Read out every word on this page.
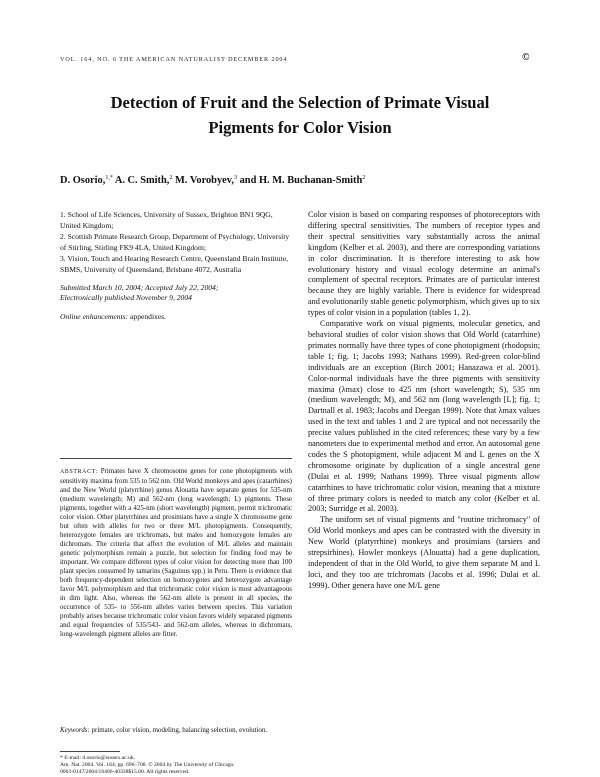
VOL. 164, NO. 6 THE AMERICAN NATURALIST DECEMBER 2004	©
Detection of Fruit and the Selection of Primate Visual
Pigments for Color Vision
D. Osorio,$^{1,*}$ A. C. Smith,$^2$ M. Vorobyev,$^3$ and H. M. Buchanan-Smith$^2$

1. School of Life Sciences, University of Sussex, Brighton BN1 9QG, United Kingdom;

2. Scottish Primate Research Group, Department of Psychology, University of Stirling, Stirling FK9 4LA, United Kingdom;

3. Vision, Touch and Hearing Research Centre, Queensland Brain Institute, SBMS, University of Queensland, Brisbane 4072, Australia

Submitted March 10, 2004; Accepted July 22, 2004;
Electronically published November 9, 2004
Online enhancements: appendixes.

ABSTRACT: Primates have X chromosome genes for cone photopigments with sensitivity maxima from 535 to 562 nm. Old World monkeys and apes (catarrhines) and the New World (platyrrhine) genus Alouatta have separate genes for 535-nm (medium wavelength; M) and 562-nm (long wavelength; L) pigments. These pigments, together with a 425-nm (short wavelength) pigment, permit trichromatic color vision. Other platyrrhines and prosimians have a single X chromosome gene but often with alleles for two or three M/L photopigments. Consequently, heterozygote females are trichromats, but males and homozygote females are dichromats. The criteria that affect the evolution of M/L alleles and maintain genetic polymorphism remain a puzzle, but selection for finding food may be important. We compare different types of color vision for detecting more than 100 plant species consumed by tamarins (Saguinus spp.) in Peru. There is evidence that both frequency-dependent selection on homozygotes and heterozygote advantage favor M/L polymorphism and that trichromatic color vision is most advantageous in dim light. Also, whereas the 562-nm allele is present in all species, the occurrence of 535- to 556-nm alleles varies between species. This variation probably arises because trichromatic color vision favors widely separated pigments and equal frequencies of 535/543- and 562-nm alleles, whereas in dichromats, long-wavelength pigment alleles are fitter.

Keywords: primate, color vision, modeling, balancing selection, evolution.

* E-mail: d.osorio@sussex.ac.uk.
Am. Nat. 2004. Vol. 164, pp. 696–708. © 2004 by The University of Chicago.
0003-0147/2004/16406-40338$15.00. All rights reserved.

Color vision is based on comparing responses of photoreceptors with differing spectral sensitivities. The numbers of receptor types and their spectral sensitivities vary substantially across the animal kingdom (Kelber et al. 2003), and there are corresponding variations in color discrimination. It is therefore interesting to ask how evolutionary history and visual ecology determine an animal's complement of spectral receptors. Primates are of particular interest because they are highly variable. There is evidence for widespread and evolutionarily stable genetic polymorphism, which gives up to six types of color vision in a population (tables 1, 2).

Comparative work on visual pigments, molecular genetics, and behavioral studies of color vision shows that Old World (catarrhine) primates normally have three types of cone photopigment (rhodopsin; table 1; fig. 1; Jacobs 1993; Nathans 1999). Red-green color-blind individuals are an exception (Birch 2001; Hanazawa et al. 2001). Color-normal individuals have the three pigments with sensitivity maxima (λmax) close to 425 nm (short wavelength; S), 535 nm (medium wavelength; M), and 562 nm (long wavelength [L]; fig. 1; Dartnall et al. 1983; Jacobs and Deegan 1999). Note that λmax values used in the text and tables 1 and 2 are typical and not necessarily the precise values published in the cited references; these vary by a few nanometers due to experimental method and error. An autosomal gene codes the S photopigment, while adjacent M and L genes on the X chromosome originate by duplication of a single ancestral gene (Dulai et al. 1999; Nathans 1999). Three visual pigments allow catarrhines to have trichromatic color vision, meaning that a mixture of three primary colors is needed to match any color (Kelber et al. 2003; Surridge et al. 2003).

The uniform set of visual pigments and "routine trichromacy" of Old World monkeys and apes can be contrasted with the diversity in New World (platyrrhine) monkeys and prosimians (tarsiers and strepsirhines). Howler monkeys (Alouatta) had a gene duplication, independent of that in the Old World, to give them separate M and L loci, and they too are trichromats (Jacobs et al. 1996; Dulai et al. 1999). Other genera have one M/L gene
